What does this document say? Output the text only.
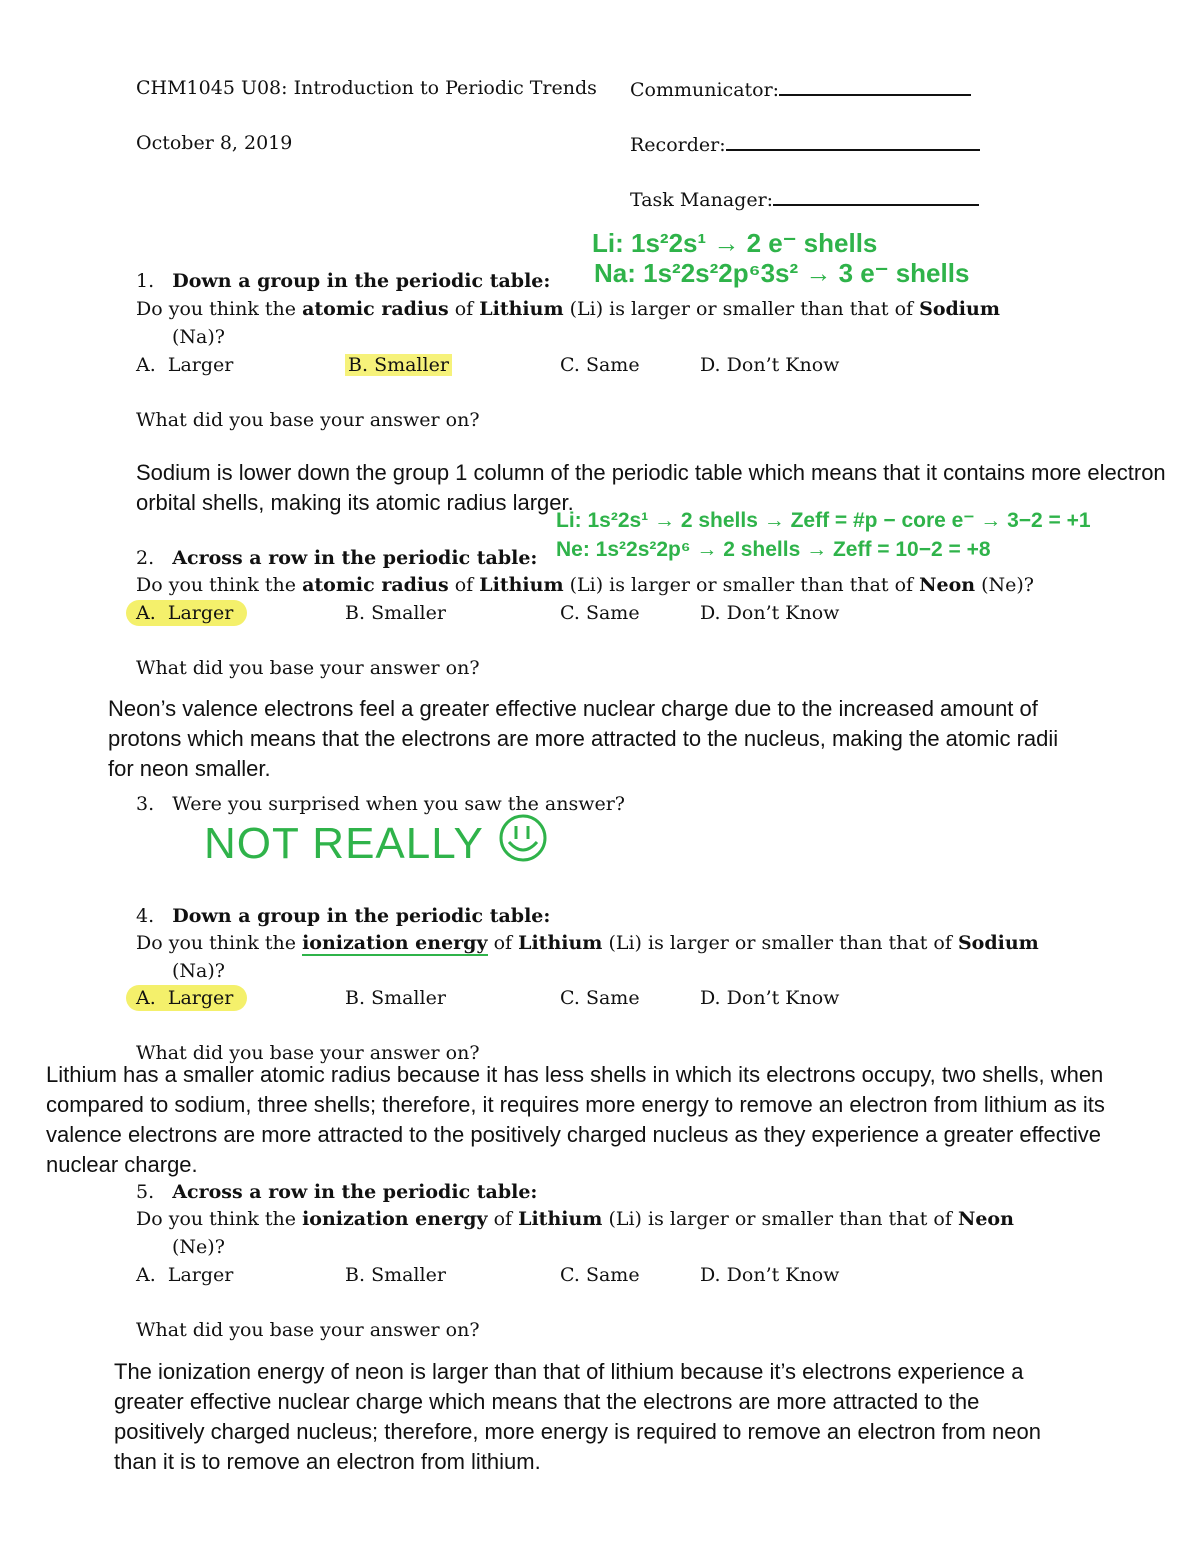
CHM1045 U08: Introduction to Periodic Trends Communicator:
October 8, 2019	Recorder:
Task Manager:
Li: 1s²2s¹ → 2 e⁻ shells
Na: 1s²2s²2p⁶3s² → 3 e⁻ shells
1. Down a group in the periodic table:
Do you think the atomic radius of Lithium (Li) is larger or smaller than that of Sodium
(Na)?
A. Larger	B. Smaller	C. Same	D. Don’t Know
What did you base your answer on?
Sodium is lower down the group 1 column of the periodic table which means that it contains more electron orbital shells, making its atomic radius larger.
Li: 1s²2s¹ → 2 shells → Zeff = #p − core e⁻ → 3−2 = +1
Ne: 1s²2s²2p⁶ → 2 shells → Zeff = 10−2 = +8
2. Across a row in the periodic table:
Do you think the atomic radius of Lithium (Li) is larger or smaller than that of Neon (Ne)?
A. Larger	B. Smaller	C. Same	D. Don’t Know
What did you base your answer on?
Neon’s valence electrons feel a greater effective nuclear charge due to the increased amount of protons which means that the electrons are more attracted to the nucleus, making the atomic radii for neon smaller.
3. Were you surprised when you saw the answer?
NOT REALLY
4. Down a group in the periodic table:
Do you think the ionization energy of Lithium (Li) is larger or smaller than that of Sodium
(Na)?
A. Larger	B. Smaller	C. Same	D. Don’t Know
What did you base your answer on?
Lithium has a smaller atomic radius because it has less shells in which its electrons occupy, two shells, when compared to sodium, three shells; therefore, it requires more energy to remove an electron from lithium as its valence electrons are more attracted to the positively charged nucleus as they experience a greater effective nuclear charge.
5. Across a row in the periodic table:
Do you think the ionization energy of Lithium (Li) is larger or smaller than that of Neon
(Ne)?
A. Larger	B. Smaller	C. Same	D. Don’t Know
What did you base your answer on?
The ionization energy of neon is larger than that of lithium because it’s electrons experience a greater effective nuclear charge which means that the electrons are more attracted to the positively charged nucleus; therefore, more energy is required to remove an electron from neon than it is to remove an electron from lithium.
